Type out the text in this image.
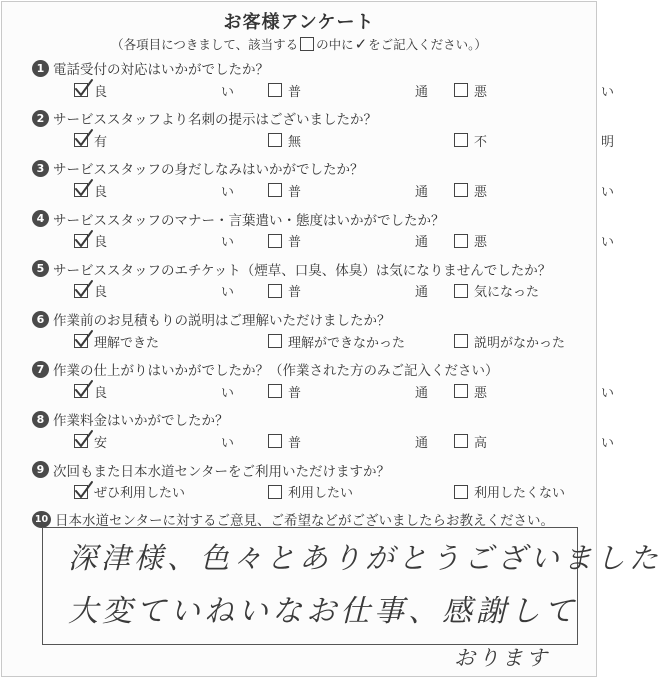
お客様アンケート
（各項目につきまして、該当する の中に✓をご記入ください。）
1 電話受付の対応はいかがでしたか？
良	い	普	通	悪	い
2 サービススタッフより名刺の提示はございましたか？
有	無	不	明
3 サービススタッフの身だしなみはいかがでしたか？
良	い	普	通	悪	い
4 サービススタッフのマナー・言葉遣い・態度はいかがでしたか？
良	い	普	通	悪	い
5 サービススタッフのエチケット（煙草、口臭、体臭）は気になりませんでしたか？
良	い	普	通	気になった
6 作業前のお見積もりの説明はご理解いただけましたか？
理解できた	理解ができなかった	説明がなかった
7 作業の仕上がりはいかがでしたか？（作業された方のみご記入ください）
良	い	普	通	悪	い
8 作業料金はいかがでしたか？
安	い	普	通	高	い
9 次回もまた日本水道センターをご利用いただけますか？
ぜひ利用したい	利用したい	利用したくない
10 日本水道センターに対するご意見、ご希望などがございましたらお教えください。
深津様、色々とありがとうございました
大変ていねいなお仕事、感謝して
おります
